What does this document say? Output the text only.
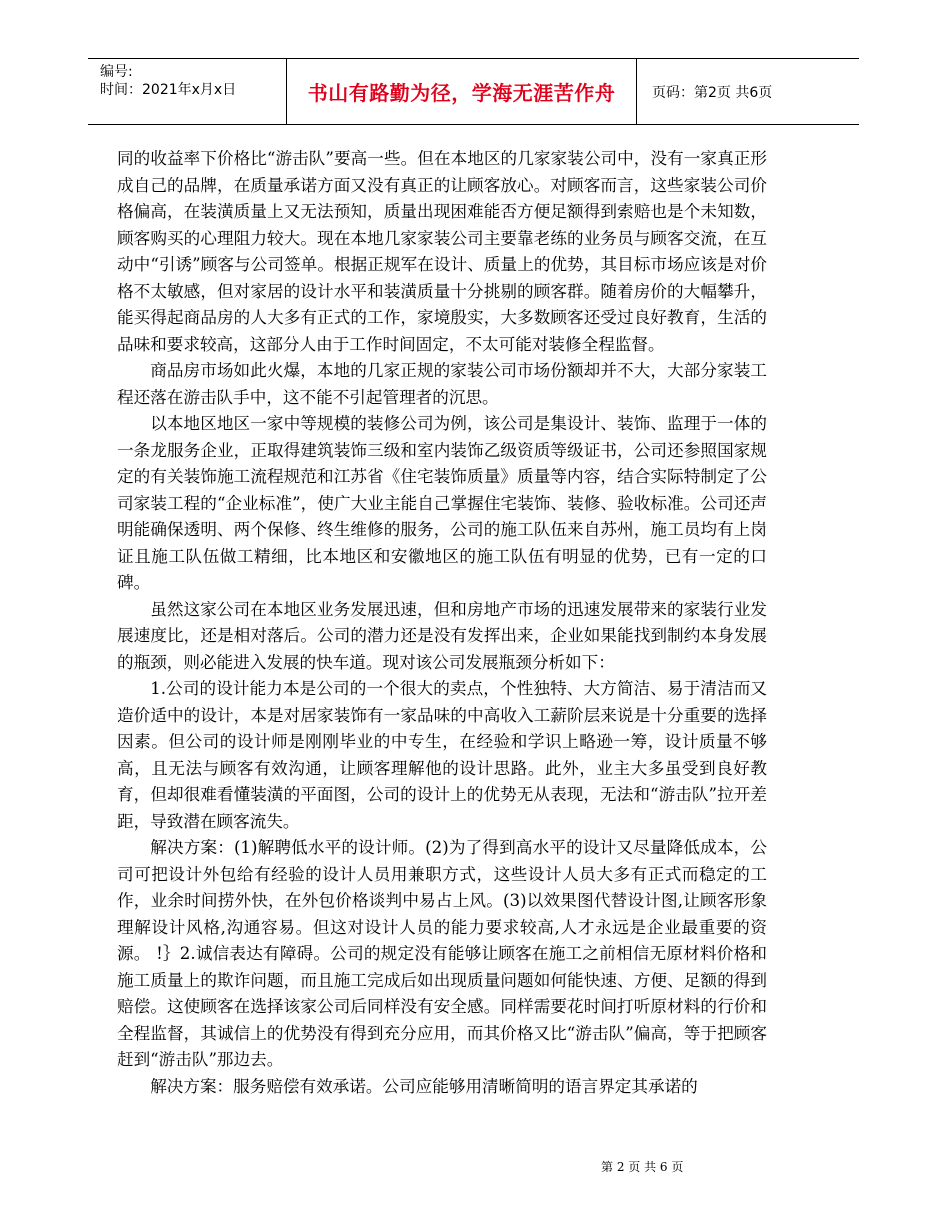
编号:
时间：2021年x月x日	书山有路勤为径，学海无涯苦作舟	页码：第2页 共6页

同的收益率下价格比“游击队”要高一些。但在本地区的几家家装公司中，没有一家真正形成自己的品牌，在质量承诺方面又没有真正的让顾客放心。对顾客而言，这些家装公司价格偏高，在装潢质量上又无法预知，质量出现困难能否方便足额得到索赔也是个未知数，顾客购买的心理阻力较大。现在本地几家家装公司主要靠老练的业务员与顾客交流，在互动中“引诱”顾客与公司签单。根据正规军在设计、质量上的优势，其目标市场应该是对价格不太敏感，但对家居的设计水平和装潢质量十分挑剔的顾客群。随着房价的大幅攀升，能买得起商品房的人大多有正式的工作，家境殷实，大多数顾客还受过良好教育，生活的品味和要求较高，这部分人由于工作时间固定，不太可能对装修全程监督。

商品房市场如此火爆，本地的几家正规的家装公司市场份额却并不大，大部分家装工程还落在游击队手中，这不能不引起管理者的沉思。

以本地区地区一家中等规模的装修公司为例，该公司是集设计、装饰、监理于一体的一条龙服务企业，正取得建筑装饰三级和室内装饰乙级资质等级证书，公司还参照国家规定的有关装饰施工流程规范和江苏省《住宅装饰质量》质量等内容，结合实际特制定了公司家装工程的“企业标准”，使广大业主能自己掌握住宅装饰、装修、验收标准。公司还声明能确保透明、两个保修、终生维修的服务，公司的施工队伍来自苏州，施工员均有上岗证且施工队伍做工精细，比本地区和安徽地区的施工队伍有明显的优势，已有一定的口碑。

虽然这家公司在本地区业务发展迅速，但和房地产市场的迅速发展带来的家装行业发展速度比，还是相对落后。公司的潜力还是没有发挥出来，企业如果能找到制约本身发展的瓶颈，则必能进入发展的快车道。现对该公司发展瓶颈分析如下：

1.公司的设计能力本是公司的一个很大的卖点，个性独特、大方简洁、易于清洁而又造价适中的设计，本是对居家装饰有一家品味的中高收入工薪阶层来说是十分重要的选择因素。但公司的设计师是刚刚毕业的中专生，在经验和学识上略逊一筹，设计质量不够高，且无法与顾客有效沟通，让顾客理解他的设计思路。此外，业主大多虽受到良好教育，但却很难看懂装潢的平面图，公司的设计上的优势无从表现，无法和“游击队”拉开差距，导致潜在顾客流失。

解决方案：(1)解聘低水平的设计师。(2)为了得到高水平的设计又尽量降低成本，公司可把设计外包给有经验的设计人员用兼职方式，这些设计人员大多有正式而稳定的工作，业余时间捞外快，在外包价格谈判中易占上风。(3)以效果图代替设计图,让顾客形象理解设计风格,沟通容易。但这对设计人员的能力要求较高,人才永远是企业最重要的资源。 !｝2.诚信表达有障碍。公司的规定没有能够让顾客在施工之前相信无原材料价格和施工质量上的欺诈问题，而且施工完成后如出现质量问题如何能快速、方便、足额的得到赔偿。这使顾客在选择该家公司后同样没有安全感。同样需要花时间打听原材料的行价和全程监督，其诚信上的优势没有得到充分应用，而其价格又比“游击队”偏高，等于把顾客赶到“游击队”那边去。

解决方案：服务赔偿有效承诺。公司应能够用清晰简明的语言界定其承诺的

第 2 页 共 6 页
